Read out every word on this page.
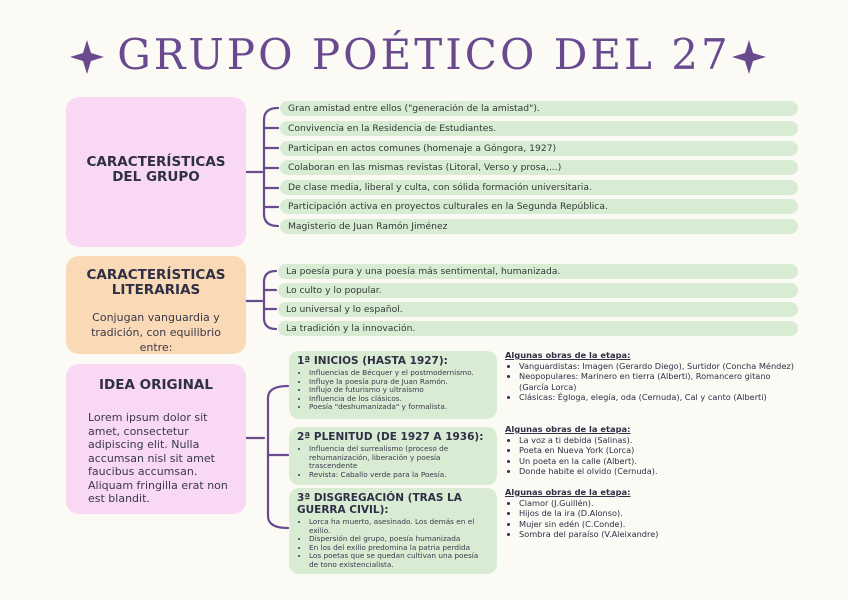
GRUPO POÉTICO DEL 27
CARACTERÍSTICAS DEL GRUPO
Gran amistad entre ellos ("generación de la amistad").
Convivencia en la Residencia de Estudiantes.
Participan en actos comunes (homenaje a Góngora, 1927)
Colaboran en las mismas revistas (Litoral, Verso y prosa,...)
De clase media, liberal y culta, con sólida formación universitaria.
Participación activa en proyectos culturales en la Segunda República.
Magisterio de Juan Ramón Jiménez
CARACTERÍSTICAS LITERARIAS
Conjugan vanguardia y tradición, con equilibrio entre:
La poesía pura y una poesía más sentimental, humanizada.
Lo culto y lo popular.
Lo universal y lo español.
La tradición y la innovación.
IDEA ORIGINAL
Lorem ipsum dolor sit amet, consectetur adipiscing elit. Nulla accumsan nisl sit amet faucibus accumsan. Aliquam fringilla erat non est blandit.
1ª INICIOS (HASTA 1927):
• Influencias de Bécquer y el postmodernismo.
• Influye la poesía pura de Juan Ramón.
• Influjo de futurismo y ultraísmo
• Influencia de los clásicos.
• Poesía "deshumanizada" y formalista.
2ª PLENITUD (DE 1927 A 1936):
• Influencia del surrealismo (proceso de rehumanización, liberación y poesía trascendente
• Revista: Caballo verde para la Poesía.
3ª DISGREGACIÓN (TRAS LA GUERRA CIVIL):
• Lorca ha muerto, asesinado. Los demás en el exilio.
• Dispersión del grupo, poesía humanizada
• En los del exilio predomina la patria perdida
• Los poetas que se quedan cultivan una poesía de tono existencialista.
Algunas obras de la etapa:
• Vanguardistas: Imagen (Gerardo Diego), Surtidor (Concha Méndez)
• Neopopulares: Marinero en tierra (Alberti), Romancero gitano (García Lorca)
• Clásicas: Égloga, elegía, oda (Cernuda), Cal y canto (Alberti)
Algunas obras de la etapa:
• La voz a ti debida (Salinas).
• Poeta en Nueva York (Lorca)
• Un poeta en la calle (Albert).
• Donde habite el olvido (Cernuda).
Algunas obras de la etapa:
• Clamor (J.Guillén).
• Hijos de la ira (D.Alonso).
• Mujer sin edén (C.Conde).
• Sombra del paraíso (V.Aleixandre)
